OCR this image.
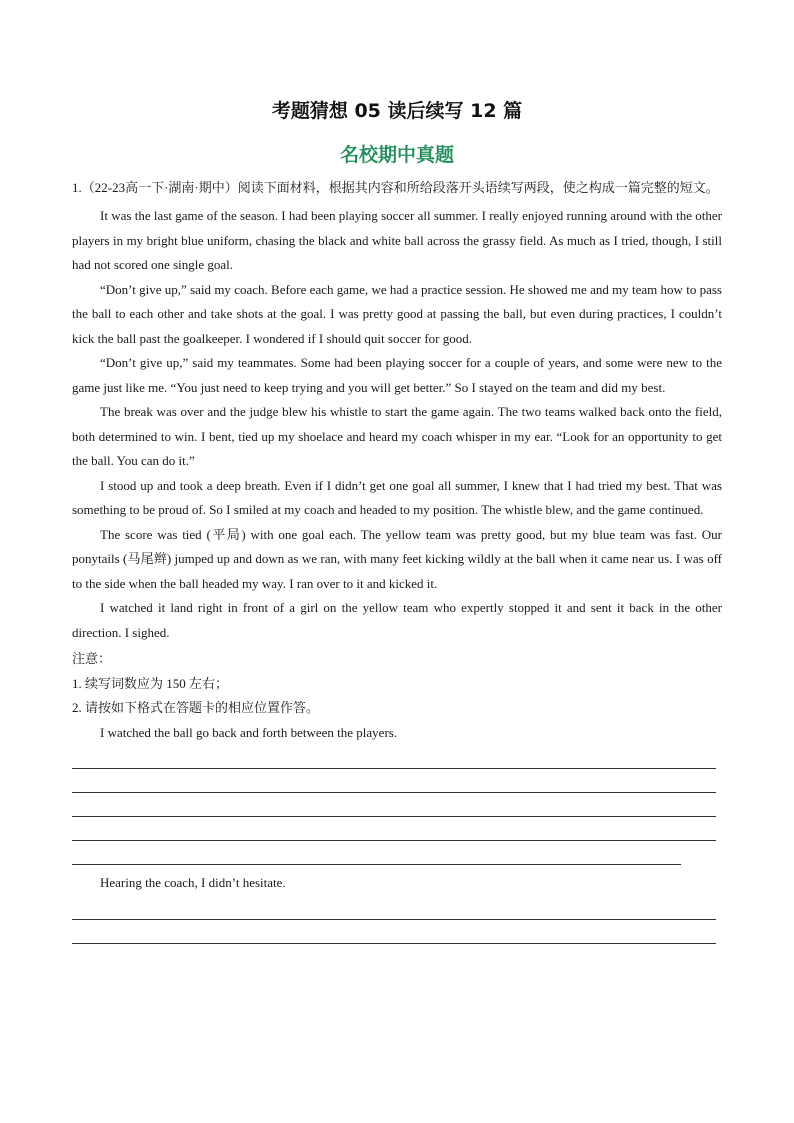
考题猜想 05 读后续写 12 篇
名校期中真题

1.（22-23高一下·湖南·期中）阅读下面材料，根据其内容和所给段落开头语续写两段，使之构成一篇完整的短文。

It was the last game of the season. I had been playing soccer all summer. I really enjoyed running around with the other players in my bright blue uniform, chasing the black and white ball across the grassy field. As much as I tried, though, I still had not scored one single goal.

“Don’t give up,” said my coach. Before each game, we had a practice session. He showed me and my team how to pass the ball to each other and take shots at the goal. I was pretty good at passing the ball, but even during practices, I couldn’t kick the ball past the goalkeeper. I wondered if I should quit soccer for good.

“Don’t give up,” said my teammates. Some had been playing soccer for a couple of years, and some were new to the game just like me. “You just need to keep trying and you will get better.” So I stayed on the team and did my best.

The break was over and the judge blew his whistle to start the game again. The two teams walked back onto the field, both determined to win. I bent, tied up my shoelace and heard my coach whisper in my ear. “Look for an opportunity to get the ball. You can do it.”

I stood up and took a deep breath. Even if I didn’t get one goal all summer, I knew that I had tried my best. That was something to be proud of. So I smiled at my coach and headed to my position. The whistle blew, and the game continued.

The score was tied (平局) with one goal each. The yellow team was pretty good, but my blue team was fast. Our ponytails (马尾辫) jumped up and down as we ran, with many feet kicking wildly at the ball when it came near us. I was off to the side when the ball headed my way. I ran over to it and kicked it.

I watched it land right in front of a girl on the yellow team who expertly stopped it and sent it back in the other direction. I sighed.

注意：

1. 续写词数应为 150 左右；

2. 请按如下格式在答题卡的相应位置作答。

I watched the ball go back and forth between the players.

Hearing the coach, I didn’t hesitate.
